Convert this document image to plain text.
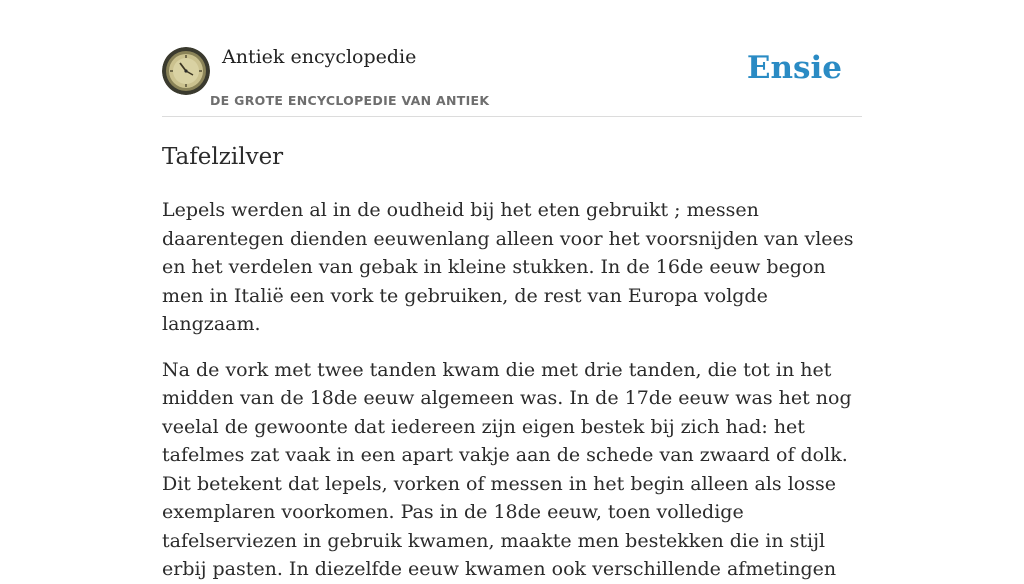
Antiek encyclopedie
DE GROTE ENCYCLOPEDIE VAN ANTIEK
Ensie
Tafelzilver

Lepels werden al in de oudheid bij het eten gebruikt ; messen daarentegen dienden eeuwenlang alleen voor het voorsnijden van vlees en het verdelen van gebak in kleine stukken. In de 16de eeuw begon men in Italië een vork te gebruiken, de rest van Europa volgde langzaam.

Na de vork met twee tanden kwam die met drie tanden, die tot in het midden van de 18de eeuw algemeen was. In de 17de eeuw was het nog veelal de gewoonte dat iedereen zijn eigen bestek bij zich had: het tafelmes zat vaak in een apart vakje aan de schede van zwaard of dolk. Dit betekent dat lepels, vorken of messen in het begin alleen als losse exemplaren voorkomen. Pas in de 18de eeuw, toen volledige tafelserviezen in gebruik kwamen, maakte men bestekken die in stijl erbij pasten. In diezelfde eeuw kwamen ook verschillende afmetingen
